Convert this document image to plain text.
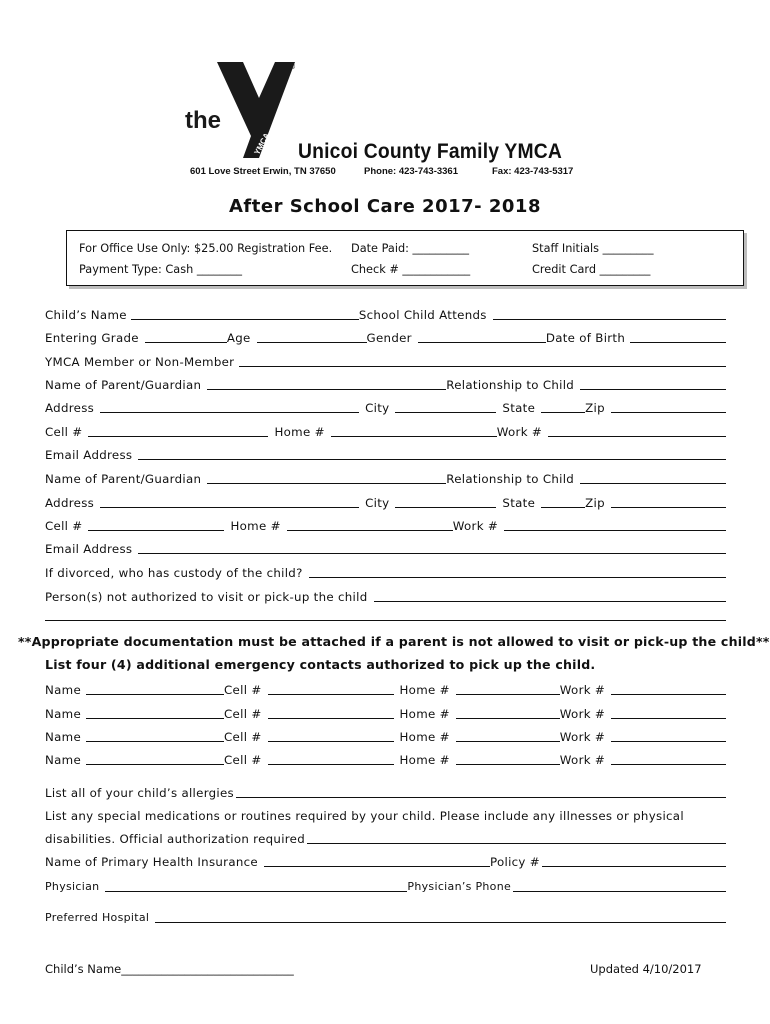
the
YMCA
®
Unicoi County Family YMCA
601 Love Street Erwin, TN 37650	Phone: 423-743-3361	Fax: 423-743-5317
After School Care 2017- 2018
For Office Use Only: $25.00 Registration Fee. Date Paid: __________	Staff Initials _________
Payment Type: Cash ________	Check # ____________	Credit Card _________
Child’s Name	School Child Attends
Entering Grade	Age	Gender	Date of Birth
YMCA Member or Non-Member
Name of Parent/Guardian	Relationship to Child
Address	City	State	Zip
Cell #	Home #	Work #
Email Address
Name of Parent/Guardian	Relationship to Child
Address	City	State	Zip
Cell #	Home #	Work #
Email Address
If divorced, who has custody of the child?
Person(s) not authorized to visit or pick-up the child
**Appropriate documentation must be attached if a parent is not allowed to visit or pick-up the child**
List four (4) additional emergency contacts authorized to pick up the child.
Name	Cell #	Home #	Work #
Name	Cell #	Home #	Work #
Name	Cell #	Home #	Work #
Name	Cell #	Home #	Work #
List all of your child’s allergies
List any special medications or routines required by your child. Please include any illnesses or physical
disabilities. Official authorization required
Name of Primary Health Insurance	Policy #
Physician	Physician’s Phone
Preferred Hospital
Child’s Name______________________________	Updated 4/10/2017
